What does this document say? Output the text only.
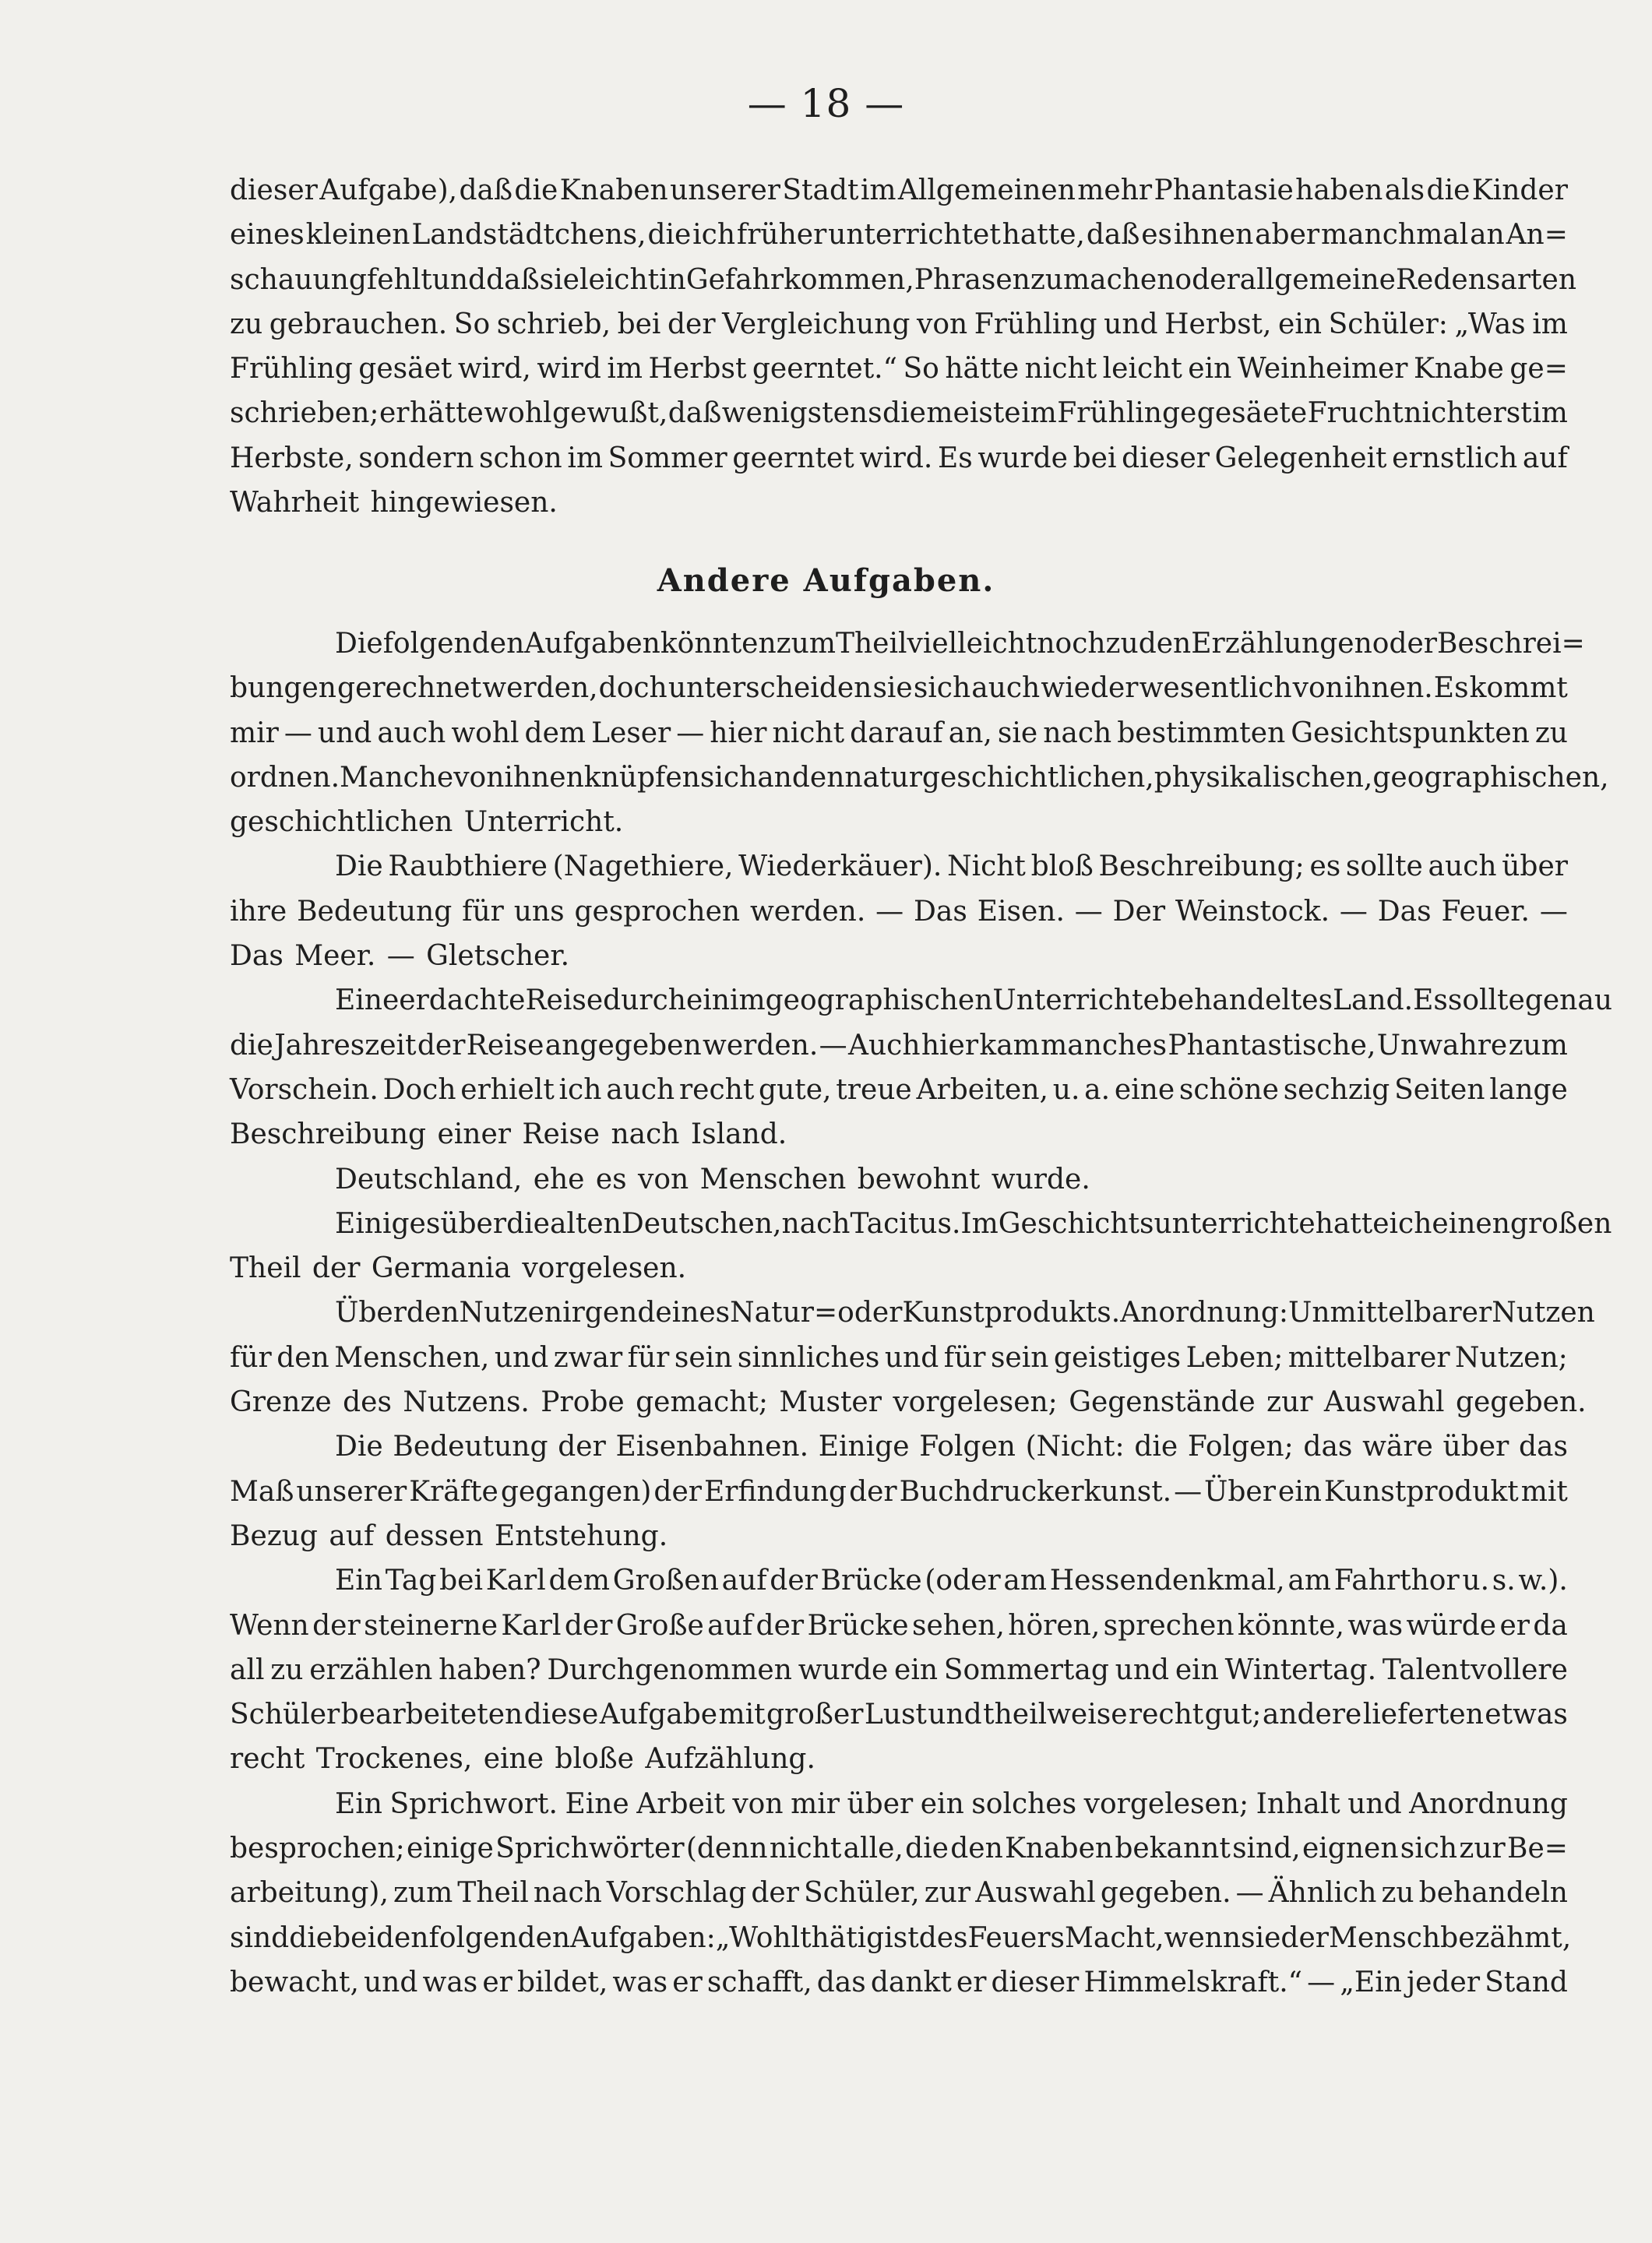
— 18 —
dieser Aufgabe), daß die Knaben unserer Stadt im Allgemeinen mehr Phantasie haben als die Kinder
eines kleinen Landstädtchens, die ich früher unterrichtet hatte, daß es ihnen aber manchmal an An=
schauung fehlt und daß sie leicht in Gefahr kommen, Phrasen zu machen oder allgemeine Redensarten
zu gebrauchen. So schrieb, bei der Vergleichung von Frühling und Herbst, ein Schüler: „Was im
Frühling gesäet wird, wird im Herbst geerntet.“ So hätte nicht leicht ein Weinheimer Knabe ge=
schrieben; er hätte wohl gewußt, daß wenigstens die meiste im Frühlinge gesäete Frucht nicht erst im
Herbste, sondern schon im Sommer geerntet wird. Es wurde bei dieser Gelegenheit ernstlich auf
Wahrheit hingewiesen.
Andere Aufgaben.
Die folgenden Aufgaben könnten zum Theil vielleicht noch zu den Erzählungen oder Beschrei=
bungen gerechnet werden, doch unterscheiden sie sich auch wieder wesentlich von ihnen. Es kommt
mir — und auch wohl dem Leser — hier nicht darauf an, sie nach bestimmten Gesichtspunkten zu
ordnen. Manche von ihnen knüpfen sich an den naturgeschichtlichen, physikalischen, geographischen,
geschichtlichen Unterricht.
Die Raubthiere (Nagethiere, Wiederkäuer). Nicht bloß Beschreibung; es sollte auch über
ihre Bedeutung für uns gesprochen werden. — Das Eisen. — Der Weinstock. — Das Feuer. —
Das Meer. — Gletscher.
Eine erdachte Reise durch ein im geographischen Unterrichte behandeltes Land. Es sollte genau
die Jahreszeit der Reise angegeben werden. — Auch hier kam manches Phantastische, Unwahre zum
Vorschein. Doch erhielt ich auch recht gute, treue Arbeiten, u. a. eine schöne sechzig Seiten lange
Beschreibung einer Reise nach Island.
Deutschland, ehe es von Menschen bewohnt wurde.
Einiges über die alten Deutschen, nach Tacitus. Im Geschichtsunterrichte hatte ich einen großen
Theil der Germania vorgelesen.
Über den Nutzen irgend eines Natur= oder Kunstprodukts. Anordnung: Unmittelbarer Nutzen
für den Menschen, und zwar für sein sinnliches und für sein geistiges Leben; mittelbarer Nutzen;
Grenze des Nutzens. Probe gemacht; Muster vorgelesen; Gegenstände zur Auswahl gegeben.
Die Bedeutung der Eisenbahnen. Einige Folgen (Nicht: die Folgen; das wäre über das
Maß unserer Kräfte gegangen) der Erfindung der Buchdruckerkunst. — Über ein Kunstprodukt mit
Bezug auf dessen Entstehung.
Ein Tag bei Karl dem Großen auf der Brücke (oder am Hessendenkmal, am Fahrthor u. s. w.).
Wenn der steinerne Karl der Große auf der Brücke sehen, hören, sprechen könnte, was würde er da
all zu erzählen haben? Durchgenommen wurde ein Sommertag und ein Wintertag. Talentvollere
Schüler bearbeiteten diese Aufgabe mit großer Lust und theilweise recht gut; andere lieferten etwas
recht Trockenes, eine bloße Aufzählung.
Ein Sprichwort. Eine Arbeit von mir über ein solches vorgelesen; Inhalt und Anordnung
besprochen; einige Sprichwörter (denn nicht alle, die den Knaben bekannt sind, eignen sich zur Be=
arbeitung), zum Theil nach Vorschlag der Schüler, zur Auswahl gegeben. — Ähnlich zu behandeln
sind die beiden folgenden Aufgaben: „Wohlthätig ist des Feuers Macht, wenn sie der Mensch bezähmt,
bewacht, und was er bildet, was er schafft, das dankt er dieser Himmelskraft.“ — „Ein jeder Stand
